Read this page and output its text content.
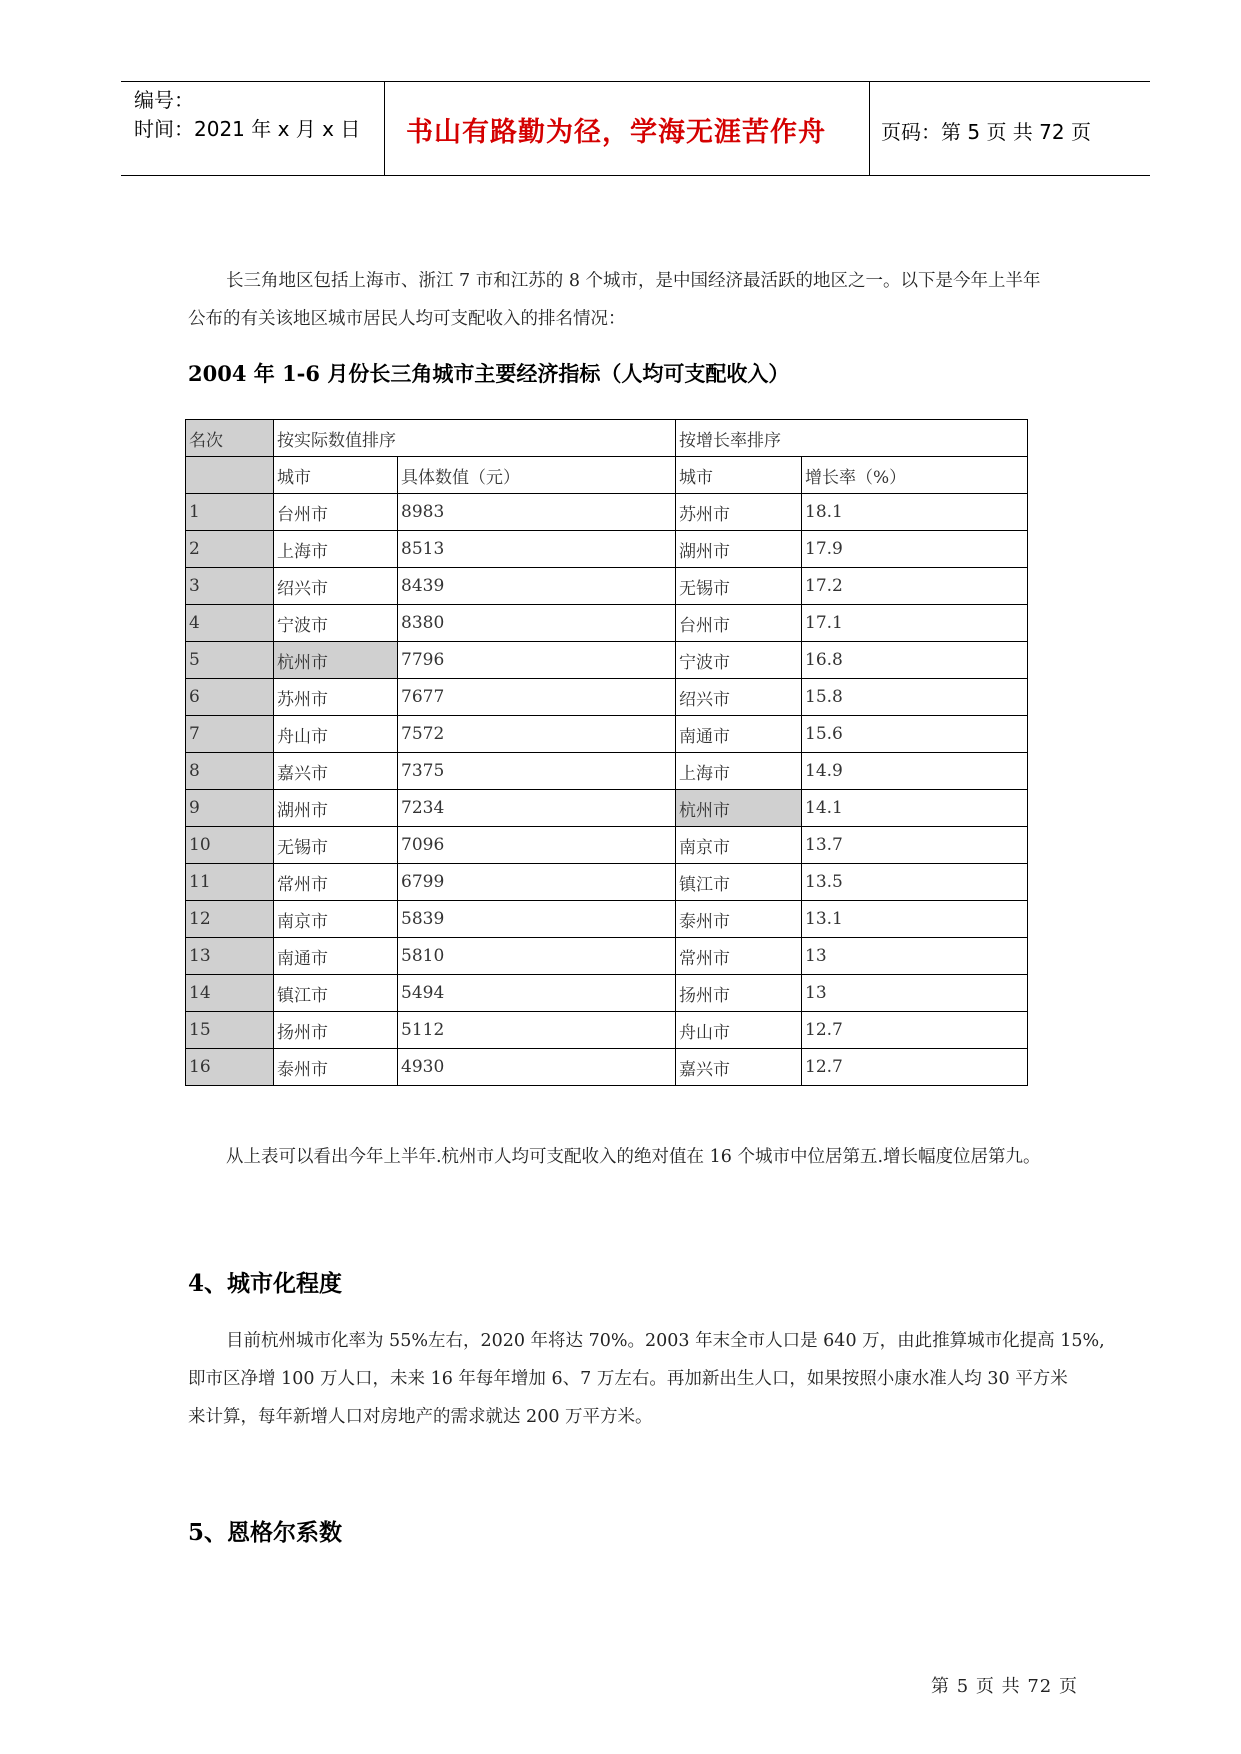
编号：
时间：2021 年 x 月 x 日 书山有路勤为径，学海无涯苦作舟	页码：第 5 页 共 72 页
长三角地区包括上海市、浙江 7 市和江苏的 8 个城市，是中国经济最活跃的地区之一。以下是今年上半年
公布的有关该地区城市居民人均可支配收入的排名情况：
2004 年 1-6 月份长三角城市主要经济指标（人均可支配收入）
名次	按实际数值排序		按增长率排序	
	城市	具体数值（元）	城市	增长率（%）
1	台州市	8983	苏州市	18.1
2	上海市	8513	湖州市	17.9
3	绍兴市	8439	无锡市	17.2
4	宁波市	8380	台州市	17.1
5	杭州市	7796	宁波市	16.8
6	苏州市	7677	绍兴市	15.8
7	舟山市	7572	南通市	15.6
8	嘉兴市	7375	上海市	14.9
9	湖州市	7234	杭州市	14.1
10	无锡市	7096	南京市	13.7
11	常州市	6799	镇江市	13.5
12	南京市	5839	泰州市	13.1
13	南通市	5810	常州市	13
14	镇江市	5494	扬州市	13
15	扬州市	5112	舟山市	12.7
16	泰州市	4930	嘉兴市	12.7
从上表可以看出今年上半年.杭州市人均可支配收入的绝对值在 16 个城市中位居第五.增长幅度位居第九。
4、城市化程度
目前杭州城市化率为 55%左右，2020 年将达 70%。2003 年末全市人口是 640 万，由此推算城市化提高 15%,
即市区净增 100 万人口，未来 16 年每年增加 6、7 万左右。再加新出生人口，如果按照小康水准人均 30 平方米
来计算，每年新增人口对房地产的需求就达 200 万平方米。
5、恩格尔系数
第 5 页 共 72 页
